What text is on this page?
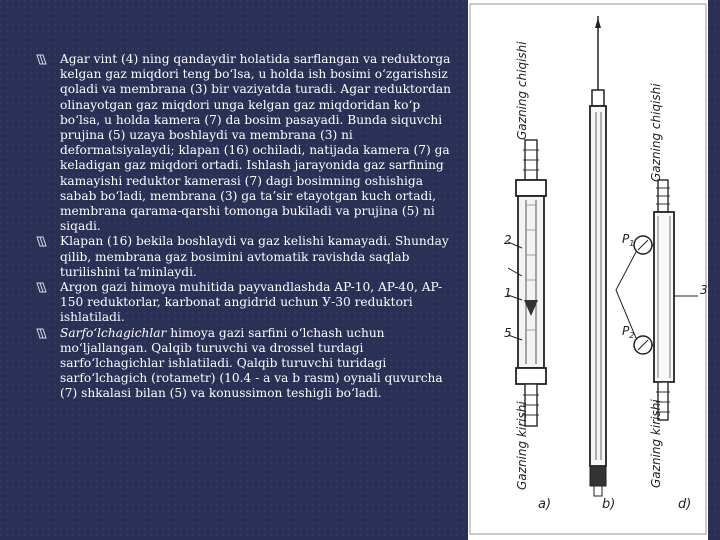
Agar vint (4) ning qandaydir holatida sarflangan va reduktorga kelgan gaz miqdori teng bo‘lsa, u holda ish bosimi o‘zgarishsiz qoladi va membrana (3) bir vaziyatda turadi. Agar reduktordan olinayotgan gaz miqdori unga kelgan gaz miqdoridan ko‘p bo‘lsa, u holda kamera (7) da bosim pasayadi. Bunda siquvchi prujina (5) uzaya boshlaydi va membrana (3) ni deformatsiyalaydi; klapan (16) ochiladi, natijada kamera (7) ga keladigan gaz miqdori ortadi. Ishlash jarayonida gaz sarfining kamayishi reduktor kamerasi (7) dagi bosimning oshishiga sabab bo‘ladi, membrana (3) ga ta’sir etayotgan kuch ortadi, membrana qarama-qarshi tomonga bukiladi va prujina (5) ni siqadi.
Klapan (16) bekila boshlaydi va gaz kelishi kamayadi. Shunday qilib, membrana gaz bosimini avtomatik ravishda saqlab turilishini ta’minlaydi.
Argon gazi himoya muhitida payvandlashda AP-10, AP-40, AP-150 reduktorlar, karbonat angidrid uchun У-30 reduktori ishlatiladi.
Sarfo‘lchagichlar himoya gazi sarfini o‘lchash uchun mo‘ljallangan. Qalqib turuvchi va drossel turdagi sarfo‘lchagichlar ishlatiladi. Qalqib turuvchi turidagi sarfo‘lchagich (rotametr) (10.4 - a va b rasm) oynali quvurcha (7) shkalasi bilan (5) va konussimon teshigli bo‘ladi.
Gazning chiqishi
Gazning kirishi
2
1
5
a)	b)
$P_1$
$P_2$
3
Gazning chiqishi
Gazning kirishi
d)
